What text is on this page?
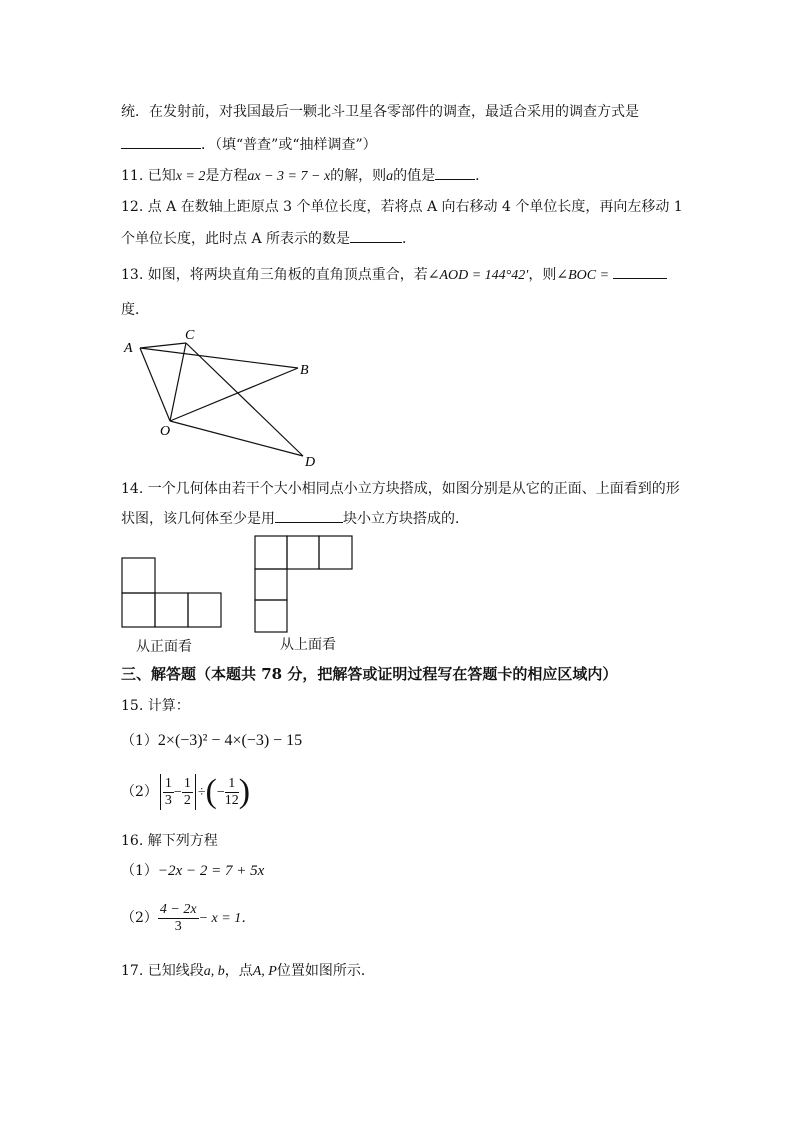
统．在发射前，对我国最后一颗北斗卫星各零部件的调查，最适合采用的调查方式是
．（填“普查”或“抽样调查”）
11. 已知x = 2是方程ax − 3 = 7 − x的解，则a的值是	．
12. 点 A 在数轴上距原点 3 个单位长度，若将点 A 向右移动 4 个单位长度，再向左移动 1
个单位长度，此时点 A 所表示的数是	．
13. 如图，将两块直角三角板的直角顶点重合，若∠AOD = 144°42′，则∠BOC =
度．
A
C
B
O
D
14. 一个几何体由若干个大小相同点小立方块搭成，如图分别是从它的正面、上面看到的形
状图，该几何体至少是用	块小立方块搭成的．
从正面看	从上面看
三、解答题（本题共 78 分，把解答或证明过程写在答题卡的相应区域内）
15. 计算：
（1）2×(−3)² − 4×(−3) − 15
$(2) \frac{1}{3} - \frac{1}{2}$ ÷(− $\frac{1}{12}$ )
16. 解下列方程
（1）−2x − 2 = 7 + 5x
$(2) \frac{4 - 2x}{3} - x = 1$．
17. 已知线段a, b，点A, P位置如图所示．
